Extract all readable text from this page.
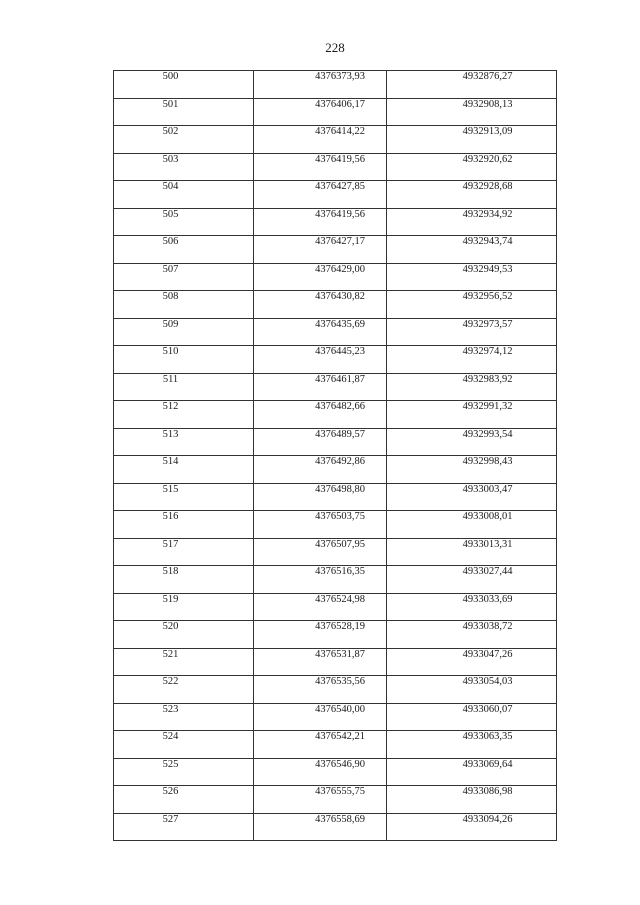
228
500	4376373,93	4932876,27
501	4376406,17	4932908,13
502	4376414,22	4932913,09
503	4376419,56	4932920,62
504	4376427,85	4932928,68
505	4376419,56	4932934,92
506	4376427,17	4932943,74
507	4376429,00	4932949,53
508	4376430,82	4932956,52
509	4376435,69	4932973,57
510	4376445,23	4932974,12
511	4376461,87	4932983,92
512	4376482,66	4932991,32
513	4376489,57	4932993,54
514	4376492,86	4932998,43
515	4376498,80	4933003,47
516	4376503,75	4933008,01
517	4376507,95	4933013,31
518	4376516,35	4933027,44
519	4376524,98	4933033,69
520	4376528,19	4933038,72
521	4376531,87	4933047,26
522	4376535,56	4933054,03
523	4376540,00	4933060,07
524	4376542,21	4933063,35
525	4376546,90	4933069,64
526	4376555,75	4933086,98
527	4376558,69	4933094,26
